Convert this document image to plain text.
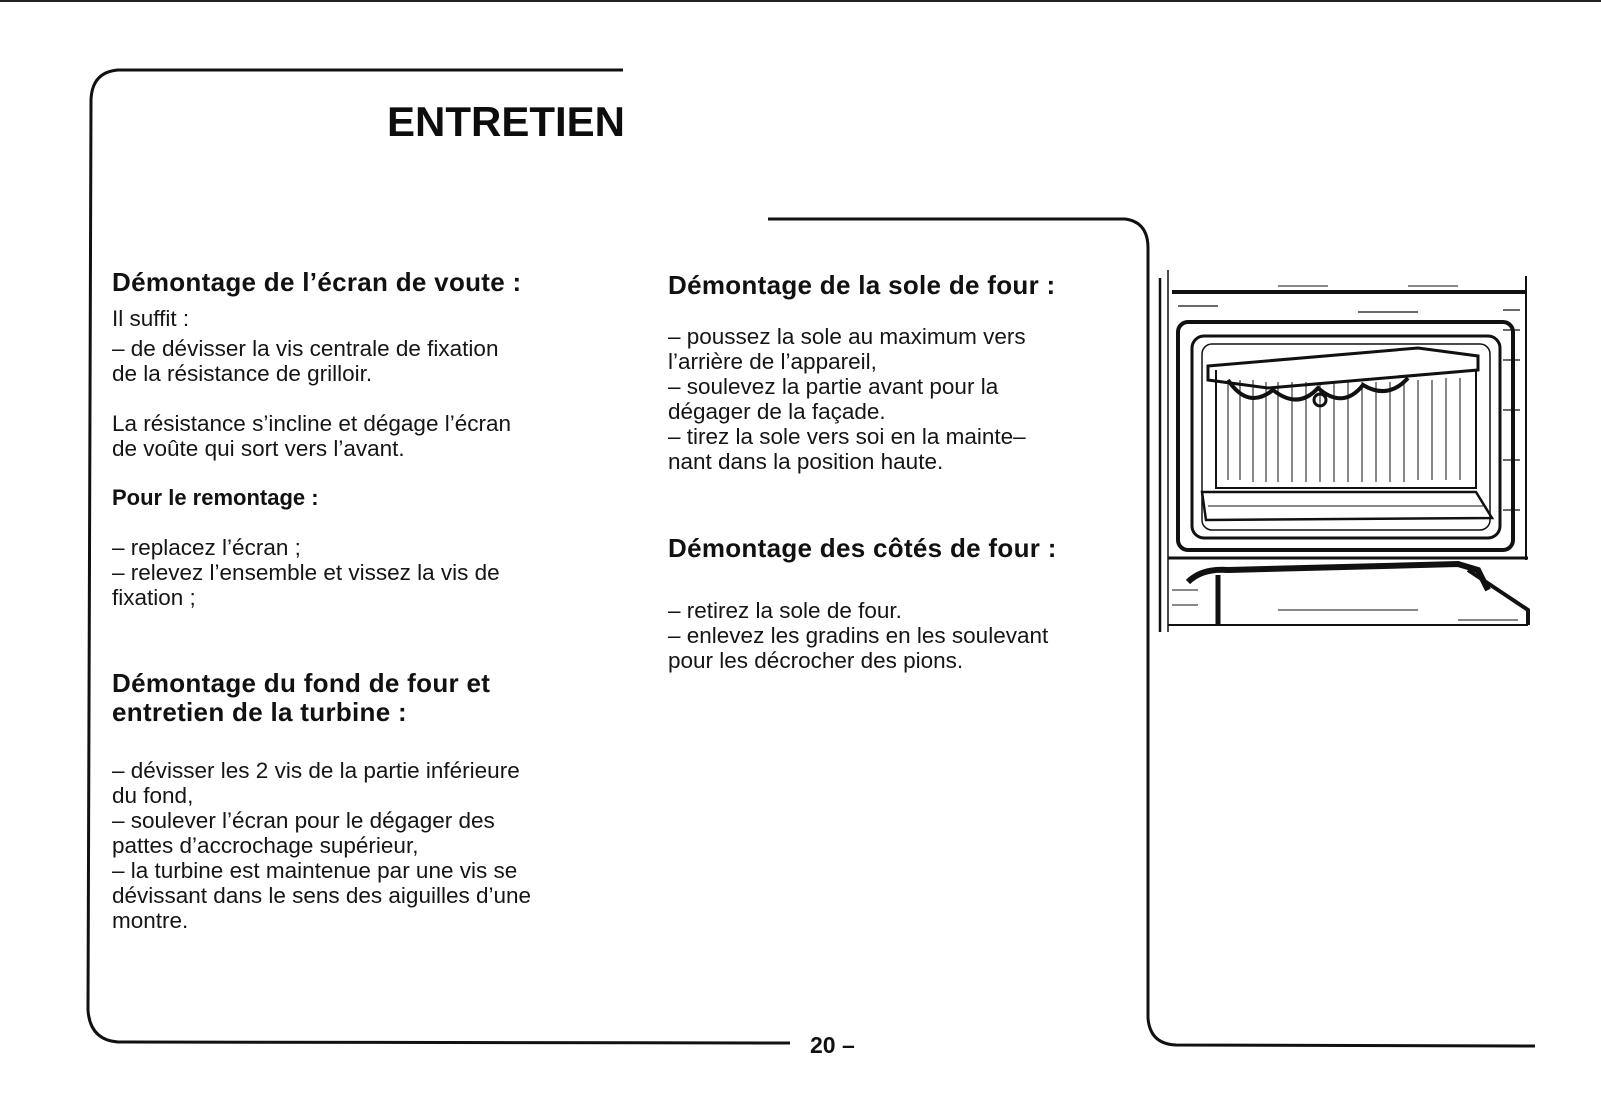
ENTRETIEN
Démontage de l’écran de voute :
Il suffit :
– de dévisser la vis centrale de fixation
de la résistance de grilloir.
La résistance s’incline et dégage l’écran
de voûte qui sort vers l’avant.
Pour le remontage :
– replacez l’écran ;
– relevez l’ensemble et vissez la vis de
fixation ;
Démontage du fond de four et
entretien de la turbine :
– dévisser les 2 vis de la partie inférieure
du fond,
– soulever l’écran pour le dégager des
pattes d’accrochage supérieur,
– la turbine est maintenue par une vis se
dévissant dans le sens des aiguilles d’une
montre.
Démontage de la sole de four :
– poussez la sole au maximum vers
l’arrière de l’appareil,
– soulevez la partie avant pour la
dégager de la façade.
– tirez la sole vers soi en la mainte–
nant dans la position haute.
Démontage des côtés de four :
– retirez la sole de four.
– enlevez les gradins en les soulevant
pour les décrocher des pions.
20 –
